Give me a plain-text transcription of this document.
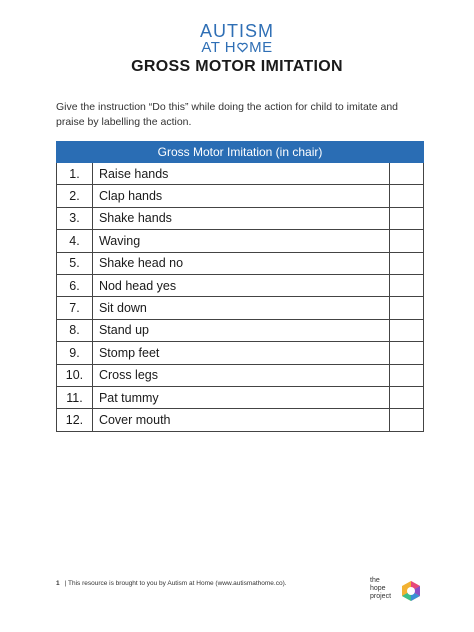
AUTISM
AT H ME
GROSS MOTOR IMITATION
Give the instruction “Do this” while doing the action for child to imitate and praise by labelling the action.
Gross Motor Imitation (in chair)		
1.	Raise hands	
2.	Clap hands	
3.	Shake hands	
4.	Waving	
5.	Shake head no	
6.	Nod head yes	
7.	Sit down	
8.	Stand up	
9.	Stomp feet	
10.	Cross legs	
11.	Pat tummy	
12.	Cover mouth	
1 | This resource is brought to you by Autism at Home (www.autismathome.co).	the
hope
project
